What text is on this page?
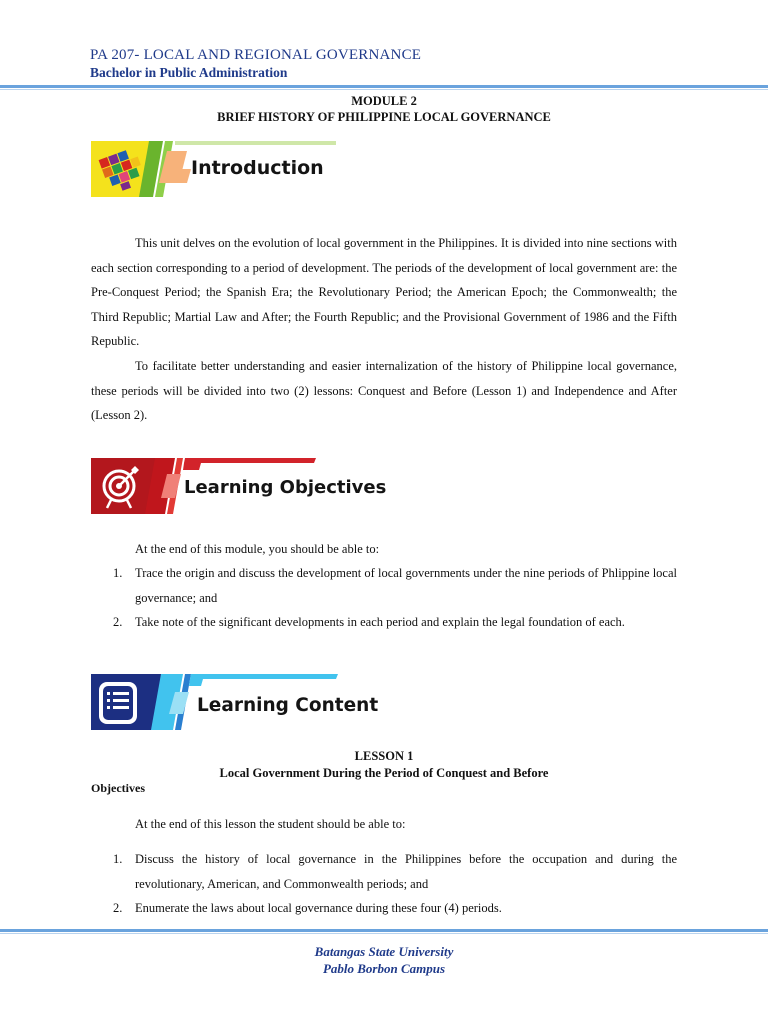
PA 207- LOCAL AND REGIONAL GOVERNANCE
Bachelor in Public Administration
MODULE 2
BRIEF HISTORY OF PHILIPPINE LOCAL GOVERNANCE
Introduction

This unit delves on the evolution of local government in the Philippines. It is divided into nine sections with each section corresponding to a period of development. The periods of the development of local government are: the Pre-Conquest Period; the Spanish Era; the Revolutionary Period; the American Epoch; the Commonwealth; the Third Republic; Martial Law and After; the Fourth Republic; and the Provisional Government of 1986 and the Fifth Republic.

To facilitate better understanding and easier internalization of the history of Philippine local governance, these periods will be divided into two (2) lessons: Conquest and Before (Lesson 1) and Independence and After (Lesson 2).

Learning Objectives
At the end of this module, you should be able to:
1. Trace the origin and discuss the development of local governments under the nine periods of Phlippine local governance; and
2. Take note of the significant developments in each period and explain the legal foundation of each.
Learning Content
LESSON 1
Local Government During the Period of Conquest and Before
Objectives
At the end of this lesson the student should be able to:
1. Discuss the history of local governance in the Philippines before the occupation and during the revolutionary, American, and Commonwealth periods; and
2. Enumerate the laws about local governance during these four (4) periods.
Batangas State University
Pablo Borbon Campus
